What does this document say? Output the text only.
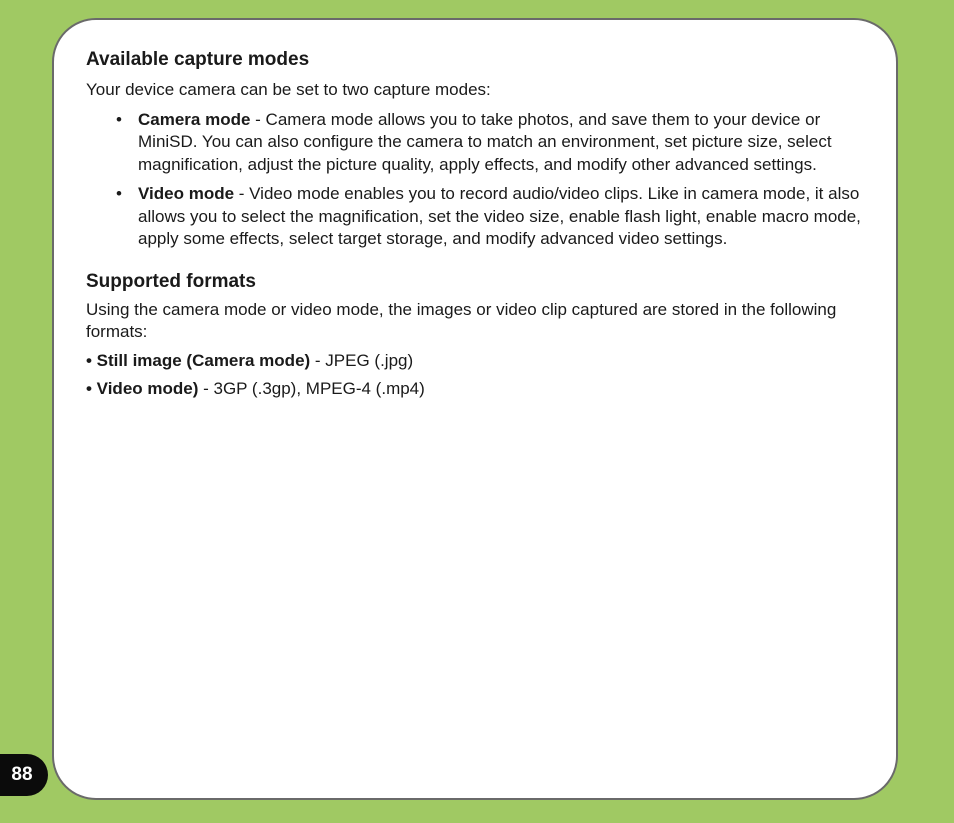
Available capture modes

Your device camera can be set to two capture modes:

• Camera mode - Camera mode allows you to take photos, and save them to your device or MiniSD. You can also configure the camera to match an environment, set picture size, select magnification, adjust the picture quality, apply effects, and modify other advanced settings.
• Video mode - Video mode enables you to record audio/video clips. Like in camera mode, it also allows you to select the magnification, set the video size, enable flash light, enable macro mode, apply some effects, select target storage, and modify advanced video settings.
Supported formats

Using the camera mode or video mode, the images or video clip captured are stored in the following formats:

• Still image (Camera mode) - JPEG (.jpg)

• Video mode) - 3GP (.3gp), MPEG-4 (.mp4)

88
